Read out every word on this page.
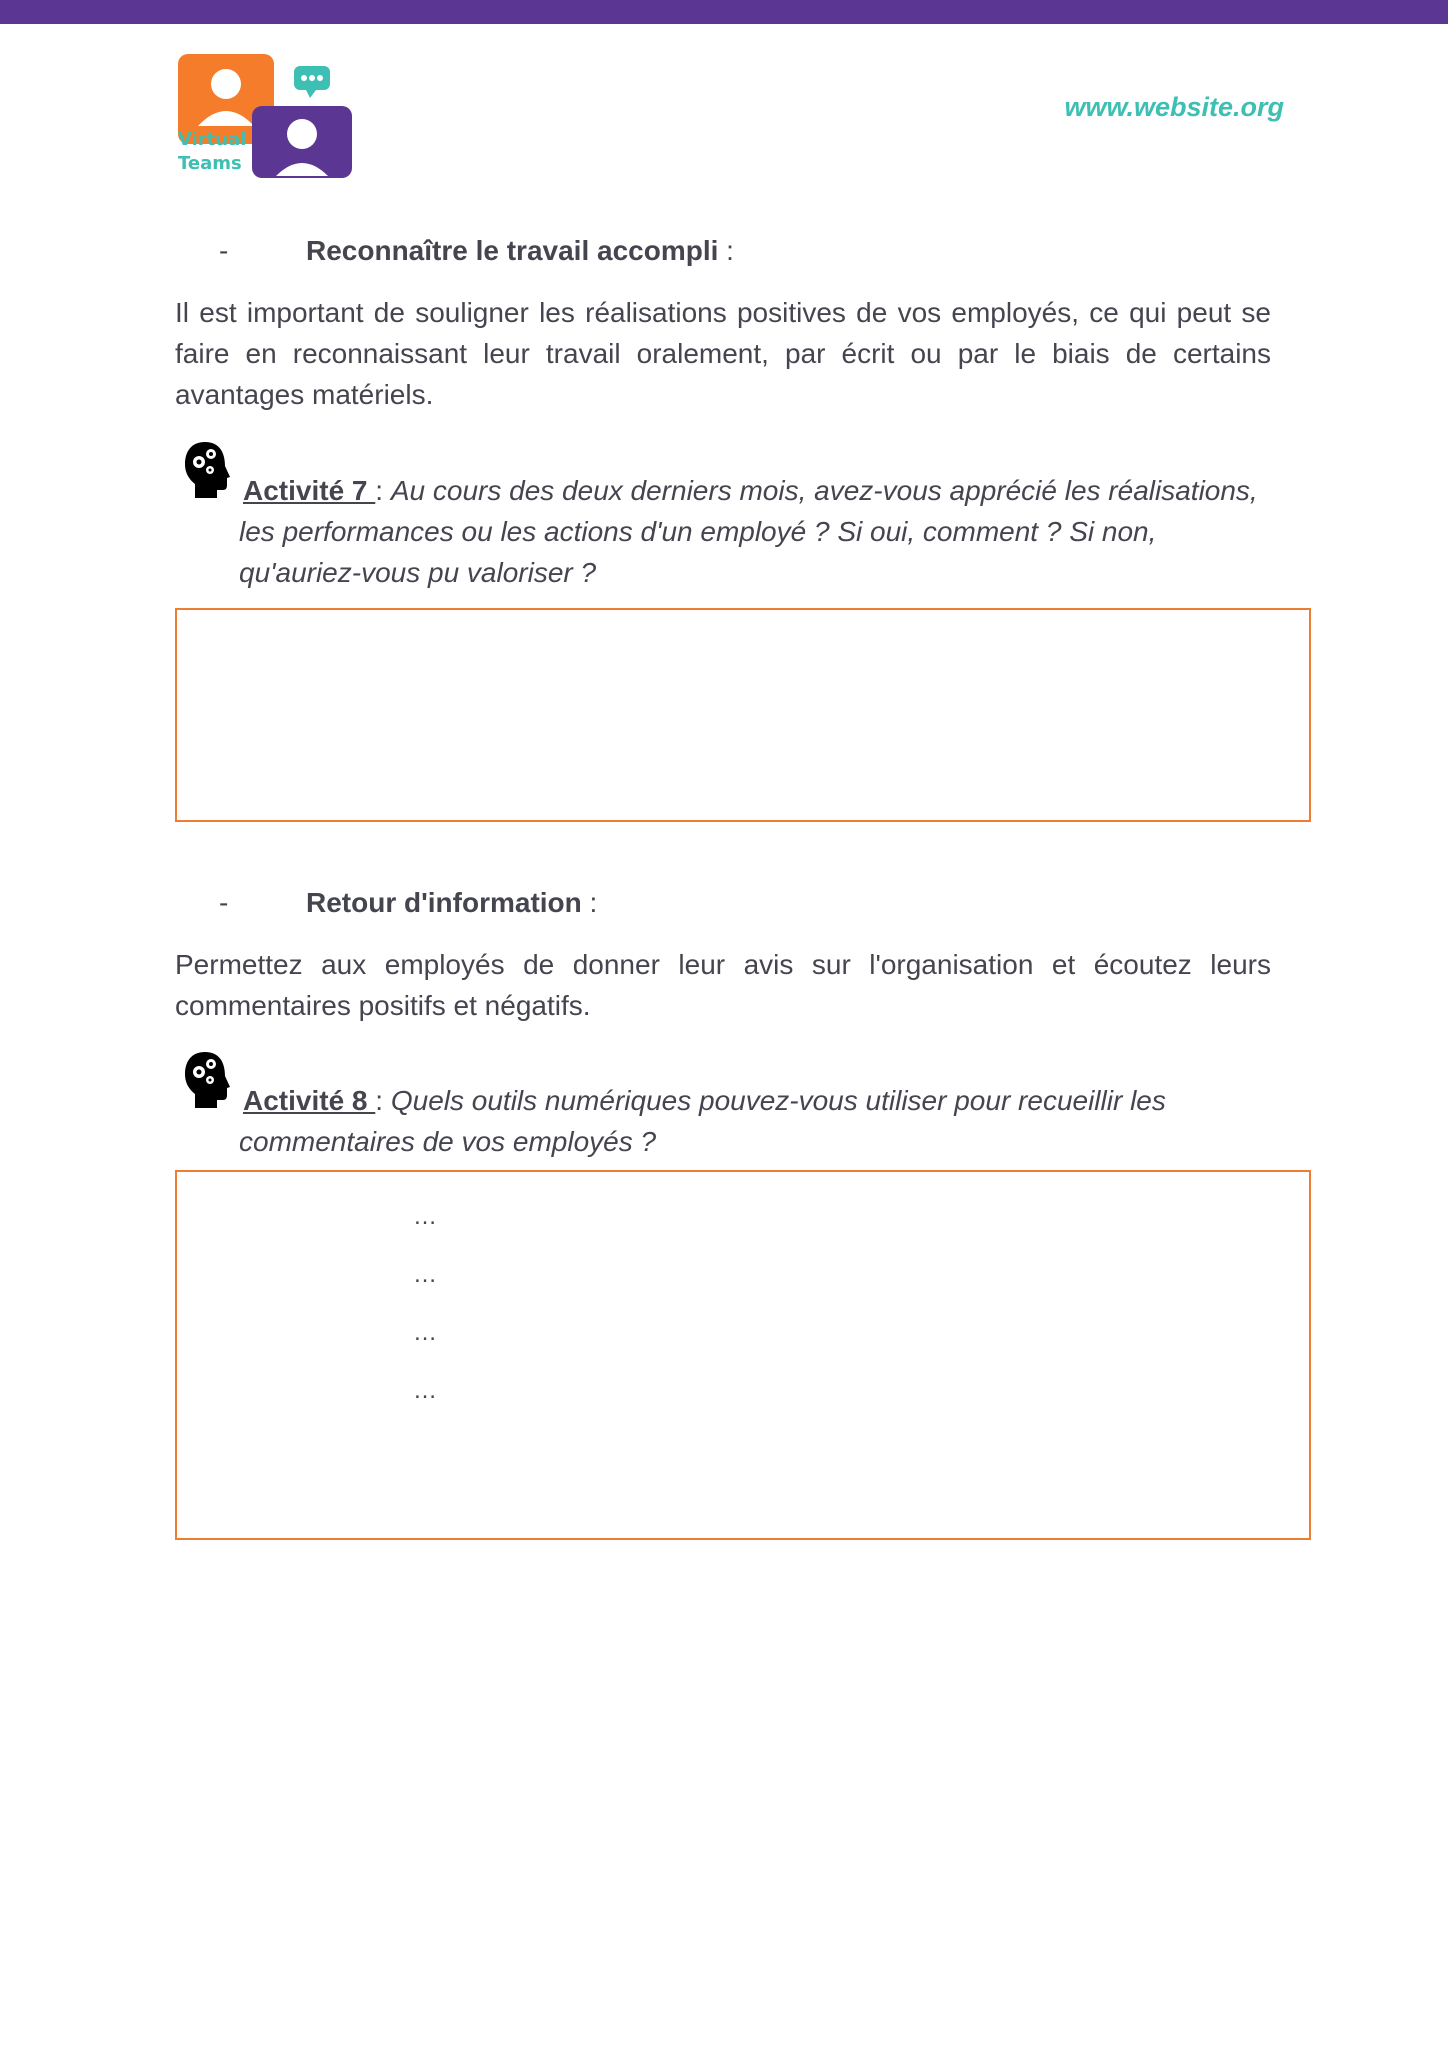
Virtual
Teams
www.website.org
-	Reconnaître le travail accompli :
Il est important de souligner les réalisations positives de vos employés, ce qui peut se faire en reconnaissant leur travail oralement, par écrit ou par le biais de certains avantages matériels.
Activité 7 : Au cours des deux derniers mois, avez-vous apprécié les réalisations, les performances ou les actions d'un employé ? Si oui, comment ? Si non, qu'auriez-vous pu valoriser ?
-	Retour d'information :
Permettez aux employés de donner leur avis sur l'organisation et écoutez leurs commentaires positifs et négatifs.
Activité 8 : Quels outils numériques pouvez-vous utiliser pour recueillir les commentaires de vos employés ?
…
…
…
…
